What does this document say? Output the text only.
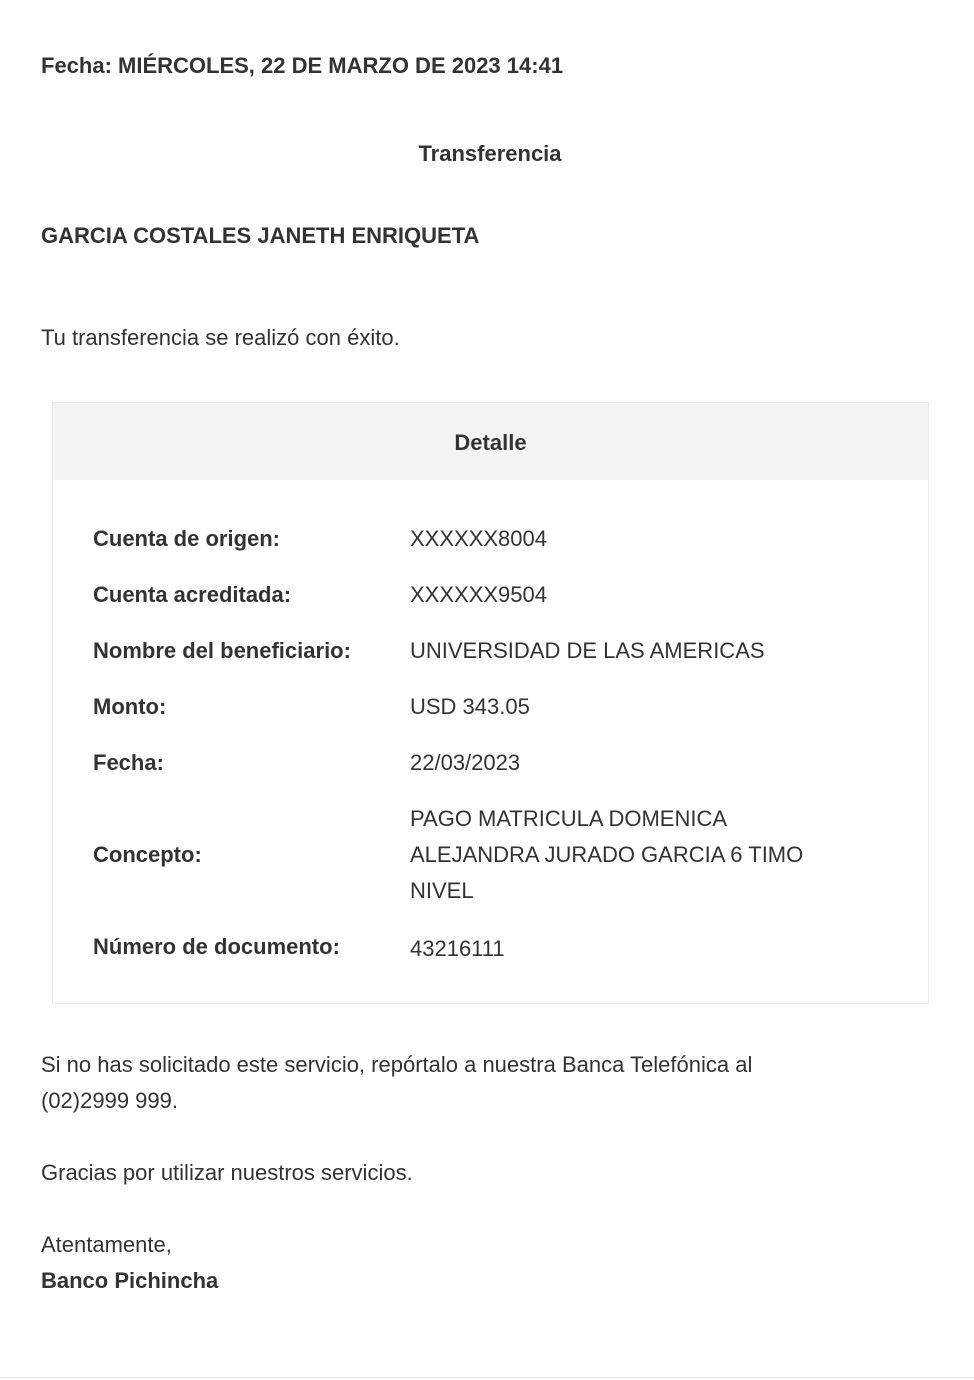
Fecha: MIÉRCOLES, 22 DE MARZO DE 2023 14:41
Transferencia
GARCIA COSTALES JANETH ENRIQUETA
Tu transferencia se realizó con éxito.
Detalle
Cuenta de origen:	XXXXXX8004
Cuenta acreditada:	XXXXXX9504
Nombre del beneficiario:	UNIVERSIDAD DE LAS AMERICAS
Monto:	USD 343.05
Fecha:	22/03/2023
Concepto:
PAGO MATRICULA DOMENICA ALEJANDRA JURADO GARCIA 6 TIMO NIVEL
Número de documento:	43216111
Si no has solicitado este servicio, repórtalo a nuestra Banca Telefónica al (02)2999 999.
Gracias por utilizar nuestros servicios.
Atentamente,
Banco Pichincha
